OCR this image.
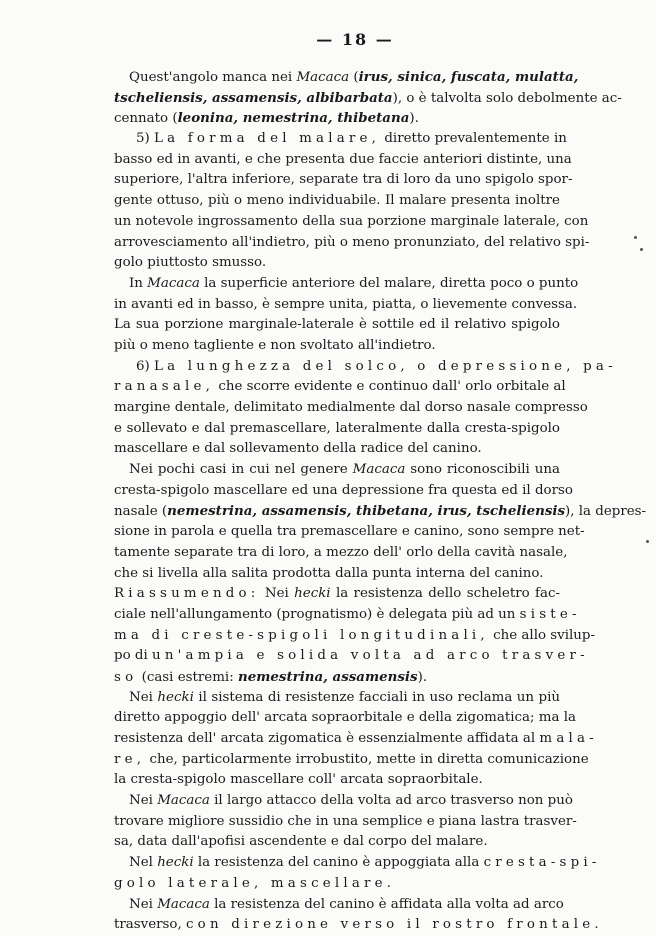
— 18 —
Quest'angolo manca nei Macaca (irus, sinica, fuscata, mulatta,
tscheliensis, assamensis, albibarbata), o è talvolta solo debolmente ac-
cennato (leonina, nemestrina, thibetana).
5) La forma del malare, diretto prevalentemente in
basso ed in avanti, e che presenta due faccie anteriori distinte, una
superiore, l'altra inferiore, separate tra di loro da uno spigolo spor-
gente ottuso, più o meno individuabile. Il malare presenta inoltre
un notevole ingrossamento della sua porzione marginale laterale, con
arrovesciamento all'indietro, più o meno pronunziato, del relativo spi-
golo piuttosto smusso.
In Macaca la superficie anteriore del malare, diretta poco o punto
in avanti ed in basso, è sempre unita, piatta, o lievemente convessa.
La sua porzione marginale-laterale è sottile ed il relativo spigolo
più o meno tagliente e non svoltato all'indietro.
6) La lunghezza del solco, o depressione, pa-
ranasale, che scorre evidente e continuo dall' orlo orbitale al
margine dentale, delimitato medialmente dal dorso nasale compresso
e sollevato e dal premascellare, lateralmente dalla cresta-spigolo
mascellare e dal sollevamento della radice del canino.
Nei pochi casi in cui nel genere Macaca sono riconoscibili una
cresta-spigolo mascellare ed una depressione fra questa ed il dorso
nasale (nemestrina, assamensis, thibetana, irus, tscheliensis), la depres-
sione in parola e quella tra premascellare e canino, sono sempre net-
tamente separate tra di loro, a mezzo dell' orlo della cavità nasale,
che si livella alla salita prodotta dalla punta interna del canino.
Riassumendo: Nei hecki la resistenza dello scheletro fac-
ciale nell'allungamento (prognatismo) è delegata più ad un siste-
ma di creste-spigoli longitudinali, che allo svilup-
po di un'ampia e solida volta ad arco trasver-
so (casi estremi: nemestrina, assamensis).
Nei hecki il sistema di resistenze facciali in uso reclama un più
diretto appoggio dell' arcata sopraorbitale e della zigomatica; ma la
resistenza dell' arcata zigomatica è essenzialmente affidata al mala-
re, che, particolarmente irrobustito, mette in diretta comunicazione
la cresta-spigolo mascellare coll' arcata sopraorbitale.
Nei Macaca il largo attacco della volta ad arco trasverso non può
trovare migliore sussidio che in una semplice e piana lastra trasver-
sa, data dall'apofisi ascendente e dal corpo del malare.
Nel hecki la resistenza del canino è appoggiata alla cresta-spi-
golo laterale, mascellare.
Nei Macaca la resistenza del canino è affidata alla volta ad arco
trasverso, con direzione verso il rostro frontale.
